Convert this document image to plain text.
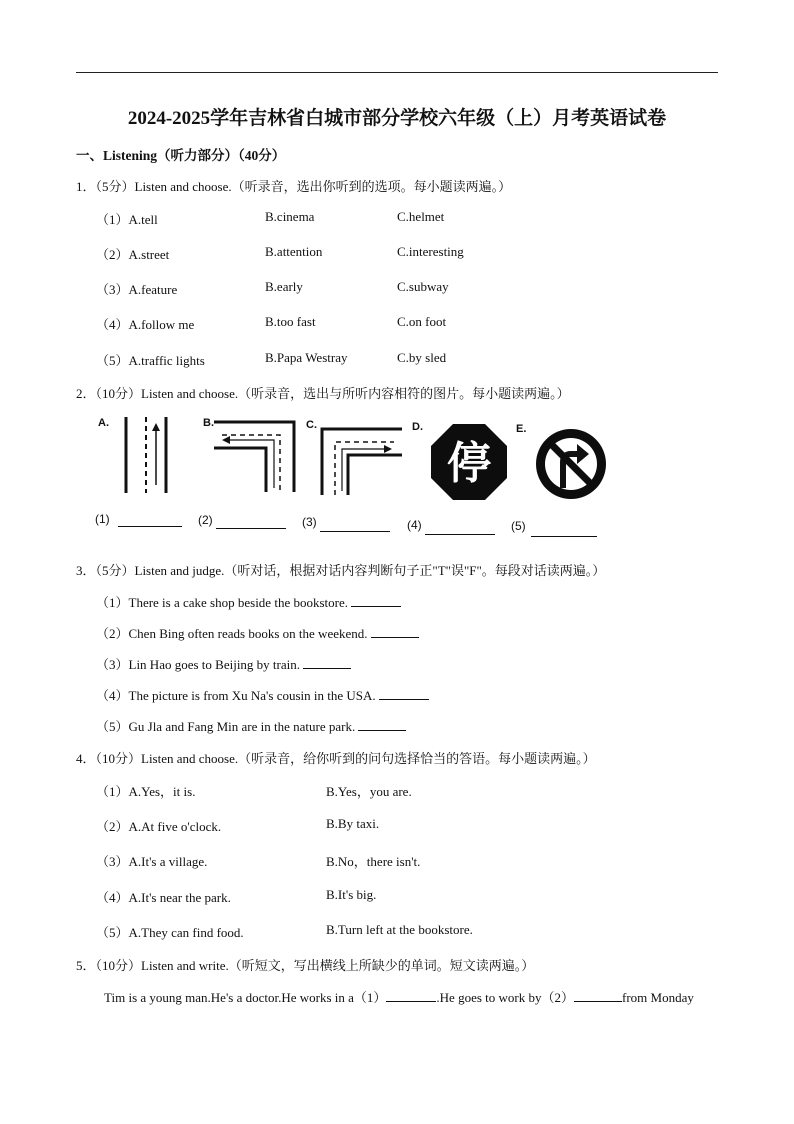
2024-2025学年吉林省白城市部分学校六年级（上）月考英语试卷
一、Listening（听力部分）（40分）
1．（5分）Listen and choose.（听录音，选出你听到的选项。每小题读两遍。）
（1）A.tell	B.cinema	C.helmet
（2）A.street	B.attention	C.interesting
（3）A.feature	B.early	C.subway
（4）A.follow me	B.too fast	C.on foot
（5）A.traffic lights	B.Papa Westray	C.by sled
2．（10分）Listen and choose.（听录音，选出与所听内容相符的图片。每小题读两遍。）
A.	B.	C.	D.	E.
停
(1)	(2)	(3)	(4)	(5)
3．（5分）Listen and judge.（听对话，根据对话内容判断句子正"T"误"F"。每段对话读两遍。）
（1）There is a cake shop beside the bookstore.
（2）Chen Bing often reads books on the weekend.
（3）Lin Hao goes to Beijing by train.
（4）The picture is from Xu Na's cousin in the USA.
（5）Gu Jla and Fang Min are in the nature park.
4．（10分）Listen and choose.（听录音，给你听到的问句选择恰当的答语。每小题读两遍。）
（1）A.Yes，it is.	B.Yes，you are.
（2）A.At five o'clock.	B.By taxi.
（3）A.It's a village.	B.No，there isn't.
（4）A.It's near the park.	B.It's big.
（5）A.They can find food.	B.Turn left at the bookstore.
5．（10分）Listen and write.（听短文，写出横线上所缺少的单词。短文读两遍。）
Tim is a young man.He's a doctor.He works in a（1）	.He goes to work by（2）	from Monday
